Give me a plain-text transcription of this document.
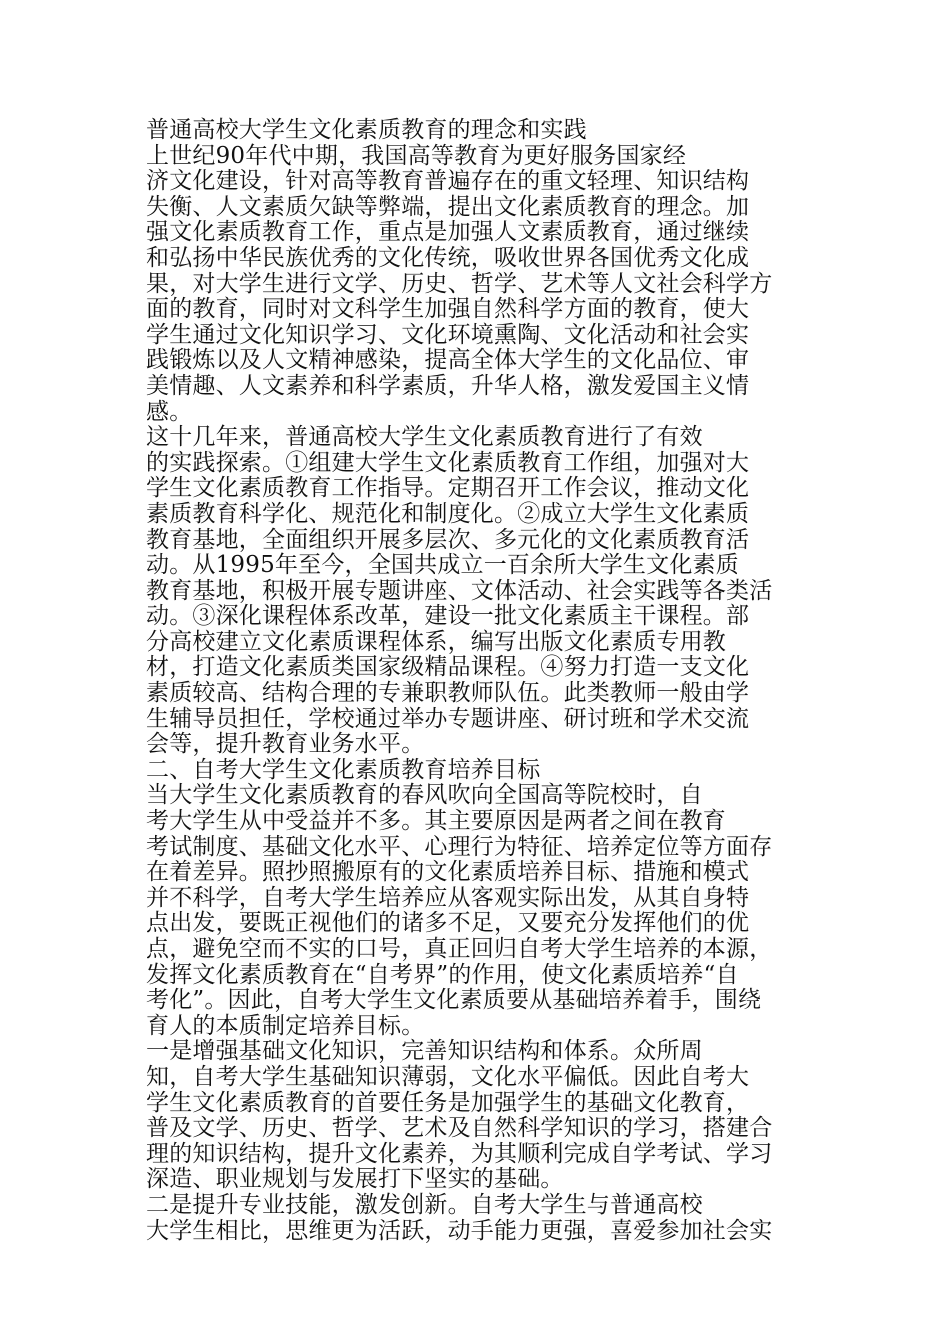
普通高校大学生文化素质教育的理念和实践
上世纪90年代中期，我国高等教育为更好服务国家经
济文化建设，针对高等教育普遍存在的重文轻理、知识结构
失衡、人文素质欠缺等弊端，提出文化素质教育的理念。加
强文化素质教育工作，重点是加强人文素质教育，通过继续
和弘扬中华民族优秀的文化传统，吸收世界各国优秀文化成
果，对大学生进行文学、历史、哲学、艺术等人文社会科学方
面的教育，同时对文科学生加强自然科学方面的教育，使大
学生通过文化知识学习、文化环境熏陶、文化活动和社会实
践锻炼以及人文精神感染，提高全体大学生的文化品位、审
美情趣、人文素养和科学素质，升华人格，激发爱国主义情
感。
这十几年来，普通高校大学生文化素质教育进行了有效
的实践探索。①组建大学生文化素质教育工作组，加强对大
学生文化素质教育工作指导。定期召开工作会议，推动文化
素质教育科学化、规范化和制度化。②成立大学生文化素质
教育基地，全面组织开展多层次、多元化的文化素质教育活
动。从1995年至今，全国共成立一百余所大学生文化素质
教育基地，积极开展专题讲座、文体活动、社会实践等各类活
动。③深化课程体系改革，建设一批文化素质主干课程。部
分高校建立文化素质课程体系，编写出版文化素质专用教
材，打造文化素质类国家级精品课程。④努力打造一支文化
素质较高、结构合理的专兼职教师队伍。此类教师一般由学
生辅导员担任，学校通过举办专题讲座、研讨班和学术交流
会等，提升教育业务水平。
二、自考大学生文化素质教育培养目标
当大学生文化素质教育的春风吹向全国高等院校时，自
考大学生从中受益并不多。其主要原因是两者之间在教育
考试制度、基础文化水平、心理行为特征、培养定位等方面存
在着差异。照抄照搬原有的文化素质培养目标、措施和模式
并不科学，自考大学生培养应从客观实际出发，从其自身特
点出发，要既正视他们的诸多不足，又要充分发挥他们的优
点，避免空而不实的口号，真正回归自考大学生培养的本源，
发挥文化素质教育在“自考界”的作用，使文化素质培养“自
考化”。因此，自考大学生文化素质要从基础培养着手，围绕
育人的本质制定培养目标。
一是增强基础文化知识，完善知识结构和体系。众所周
知，自考大学生基础知识薄弱，文化水平偏低。因此自考大
学生文化素质教育的首要任务是加强学生的基础文化教育，
普及文学、历史、哲学、艺术及自然科学知识的学习，搭建合
理的知识结构，提升文化素养，为其顺利完成自学考试、学习
深造、职业规划与发展打下坚实的基础。
二是提升专业技能，激发创新。自考大学生与普通高校
大学生相比，思维更为活跃，动手能力更强，喜爱参加社会实
